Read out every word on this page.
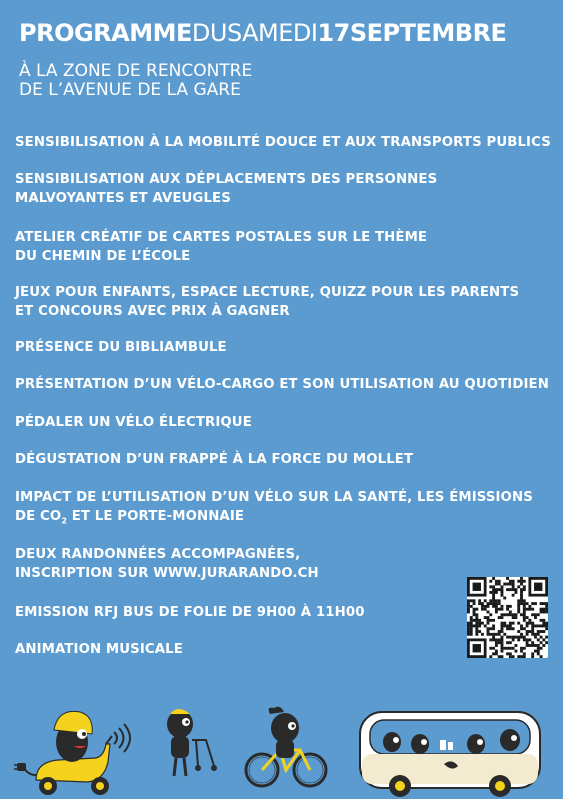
PROGRAMMEDUSAMEDI17SEPTEMBRE
À LA ZONE DE RENCONTRE
DE L’AVENUE DE LA GARE
SENSIBILISATION À LA MOBILITÉ DOUCE ET AUX TRANSPORTS PUBLICS
SENSIBILISATION AUX DÉPLACEMENTS DES PERSONNES
MALVOYANTES ET AVEUGLES
ATELIER CRÉATIF DE CARTES POSTALES SUR LE THÈME
DU CHEMIN DE L’ÉCOLE
JEUX POUR ENFANTS, ESPACE LECTURE, QUIZZ POUR LES PARENTS
ET CONCOURS AVEC PRIX À GAGNER
PRÉSENCE DU BIBLIAMBULE
PRÉSENTATION D’UN VÉLO-CARGO ET SON UTILISATION AU QUOTIDIEN
PÉDALER UN VÉLO ÉLECTRIQUE
DÉGUSTATION D’UN FRAPPÉ À LA FORCE DU MOLLET
IMPACT DE L’UTILISATION D’UN VÉLO SUR LA SANTÉ, LES ÉMISSIONS
DE $CO_2$ ET LE PORTE-MONNAIE
DEUX RANDONNÉES ACCOMPAGNÉES,
INSCRIPTION SUR WWW.JURARANDO.CH
EMISSION RFJ BUS DE FOLIE DE 9H00 À 11H00
ANIMATION MUSICALE
